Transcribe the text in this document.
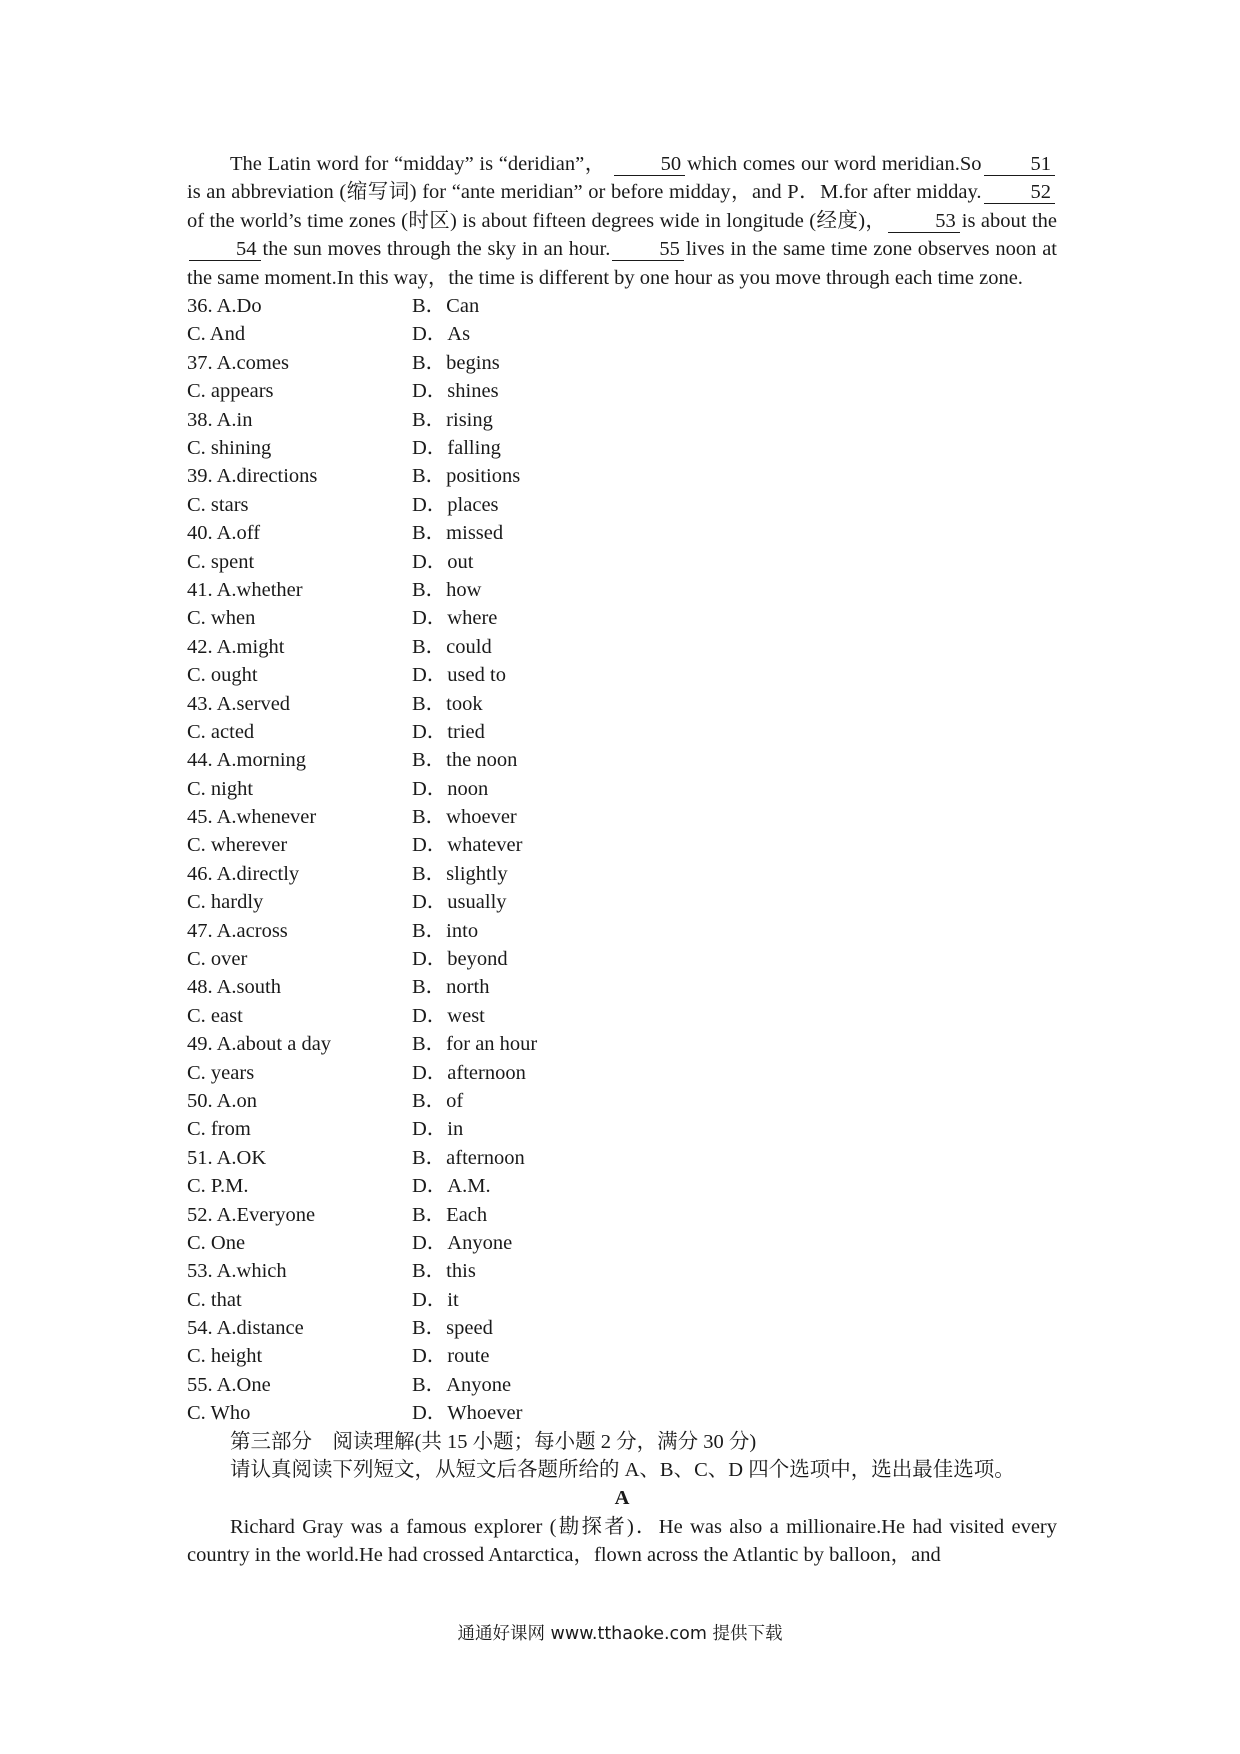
The Latin word for “midday” is “deridian”，	50 which comes our word meridian.So 51is an abbreviation (缩写词) for “ante meridian” or before midday，and P．M.for after midday. 52of the world’s time zones (时区) is about fifteen degrees wide in longitude (经度)， 53 is about the54 the sun moves through the sky in an hour. 55 lives in the same time zone observes noon at the same moment.In this way，the time is different by one hour as you move through each time zone.

36. A.Do	B．Can
C. And	D．As
37. A.comes	B．begins
C. appears	D．shines
38. A.in	B．rising
C. shining	D．falling
39. A.directions	B．positions
C. stars	D．places
40. A.off	B．missed
C. spent	D．out
41. A.whether	B．how
C. when	D．where
42. A.might	B．could
C. ought	D．used to
43. A.served	B．took
C. acted	D．tried
44. A.morning	B．the noon
C. night	D．noon
45. A.whenever	B．whoever
C. wherever	D．whatever
46. A.directly	B．slightly
C. hardly	D．usually
47. A.across	B．into
C. over	D．beyond
48. A.south	B．north
C. east	D．west
49. A.about a day	B．for an hour
C. years	D．afternoon
50. A.on	B．of
C. from	D．in
51. A.OK	B．afternoon
C. P.M.	D．A.M.
52. A.Everyone	B．Each
C. One	D．Anyone
53. A.which	B．this
C. that	D．it
54. A.distance	B．speed
C. height	D．route
55. A.One	B．Anyone
C. Who	D．Whoever

第三部分　阅读理解(共 15 小题；每小题 2 分，满分 30 分)

请认真阅读下列短文，从短文后各题所给的 A、B、C、D 四个选项中，选出最佳选项。

A

Richard Gray was a famous explorer (勘探者)．He was also a millionaire.He had visited every country in the world.He had crossed Antarctica，flown across the Atlantic by balloon，and

通通好课网 www.tthaoke.com 提供下载
